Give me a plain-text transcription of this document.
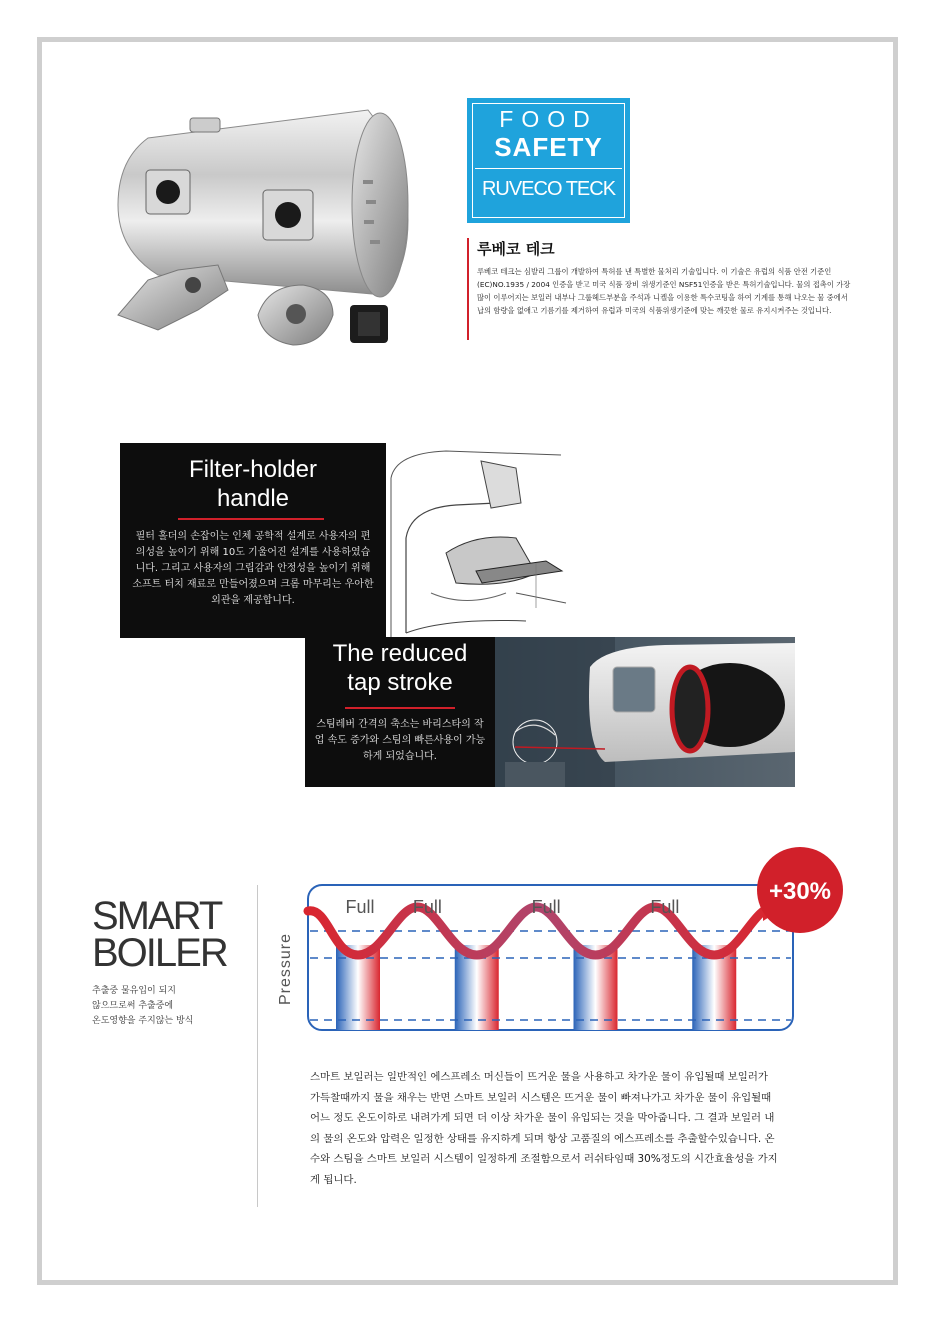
FOOD
SAFETY
RUVECO TECK
루베코 테크
루베코 테크는 심발리 그룹이 개발하여 특허를 낸 특별한 물처리 기술입니다. 이 기술은 유럽의 식품 안전 기준인 (EC)NO.1935 / 2004 인증을 받고 미국 식품 장비 위생기준인 NSF51인증을 받은 특허기술입니다. 물의 접촉이 가장 많이 이루어지는 보일러 내부나 그룹헤드부분을 주석과 니켈을 이용한 특수코팅을 하여 기계를 통해 나오는 물 중에서 납의 함량을 없애고 기름기를 제거하여 유럽과 미국의 식품위생기준에 맞는 깨끗한 물로 유지시켜주는 것입니다.
Filter-holder
handle
필터 홀더의 손잡이는 인체 공학적 설계로 사용자의 편의성을 높이기 위해 10도 기울어진 설계를 사용하였습니다. 그리고 사용자의 그립감과 안정성을 높이기 위해 소프트 터치 재료로 만들어졌으며 크롬 마무리는 우아한 외관을 제공합니다.
The reduced
tap stroke
스팀레버 간격의 축소는 바리스타의 작업 속도 증가와 스팀의 빠른사용이 가능하게 되었습니다.
SMART
BOILER
추출중 물유입이 되지
않으므로써 추출중에
온도영향을 주지않는 방식
Pressure
Full Full	Full	Full
+30%
스마트 보일러는 일반적인 에스프레소 머신들이 뜨거운 물을 사용하고 차가운 물이 유입될때 보일러가 가득찰때까지 물을 채우는 반면 스마트 보일러 시스템은 뜨거운 물이 빠져나가고 차가운 물이 유입될때 어느 정도 온도이하로 내려가게 되면 더 이상 차가운 물이 유입되는 것을 막아줍니다. 그 결과 보일러 내의 물의 온도와 압력은 일정한 상태를 유지하게 되며 항상 고품질의 에스프레소를 추출할수있습니다. 온수와 스팀을 스마트 보일러 시스템이 일정하게 조절함으로서 러쉬타임때 30%정도의 시간효율성을 가지게 됩니다.
